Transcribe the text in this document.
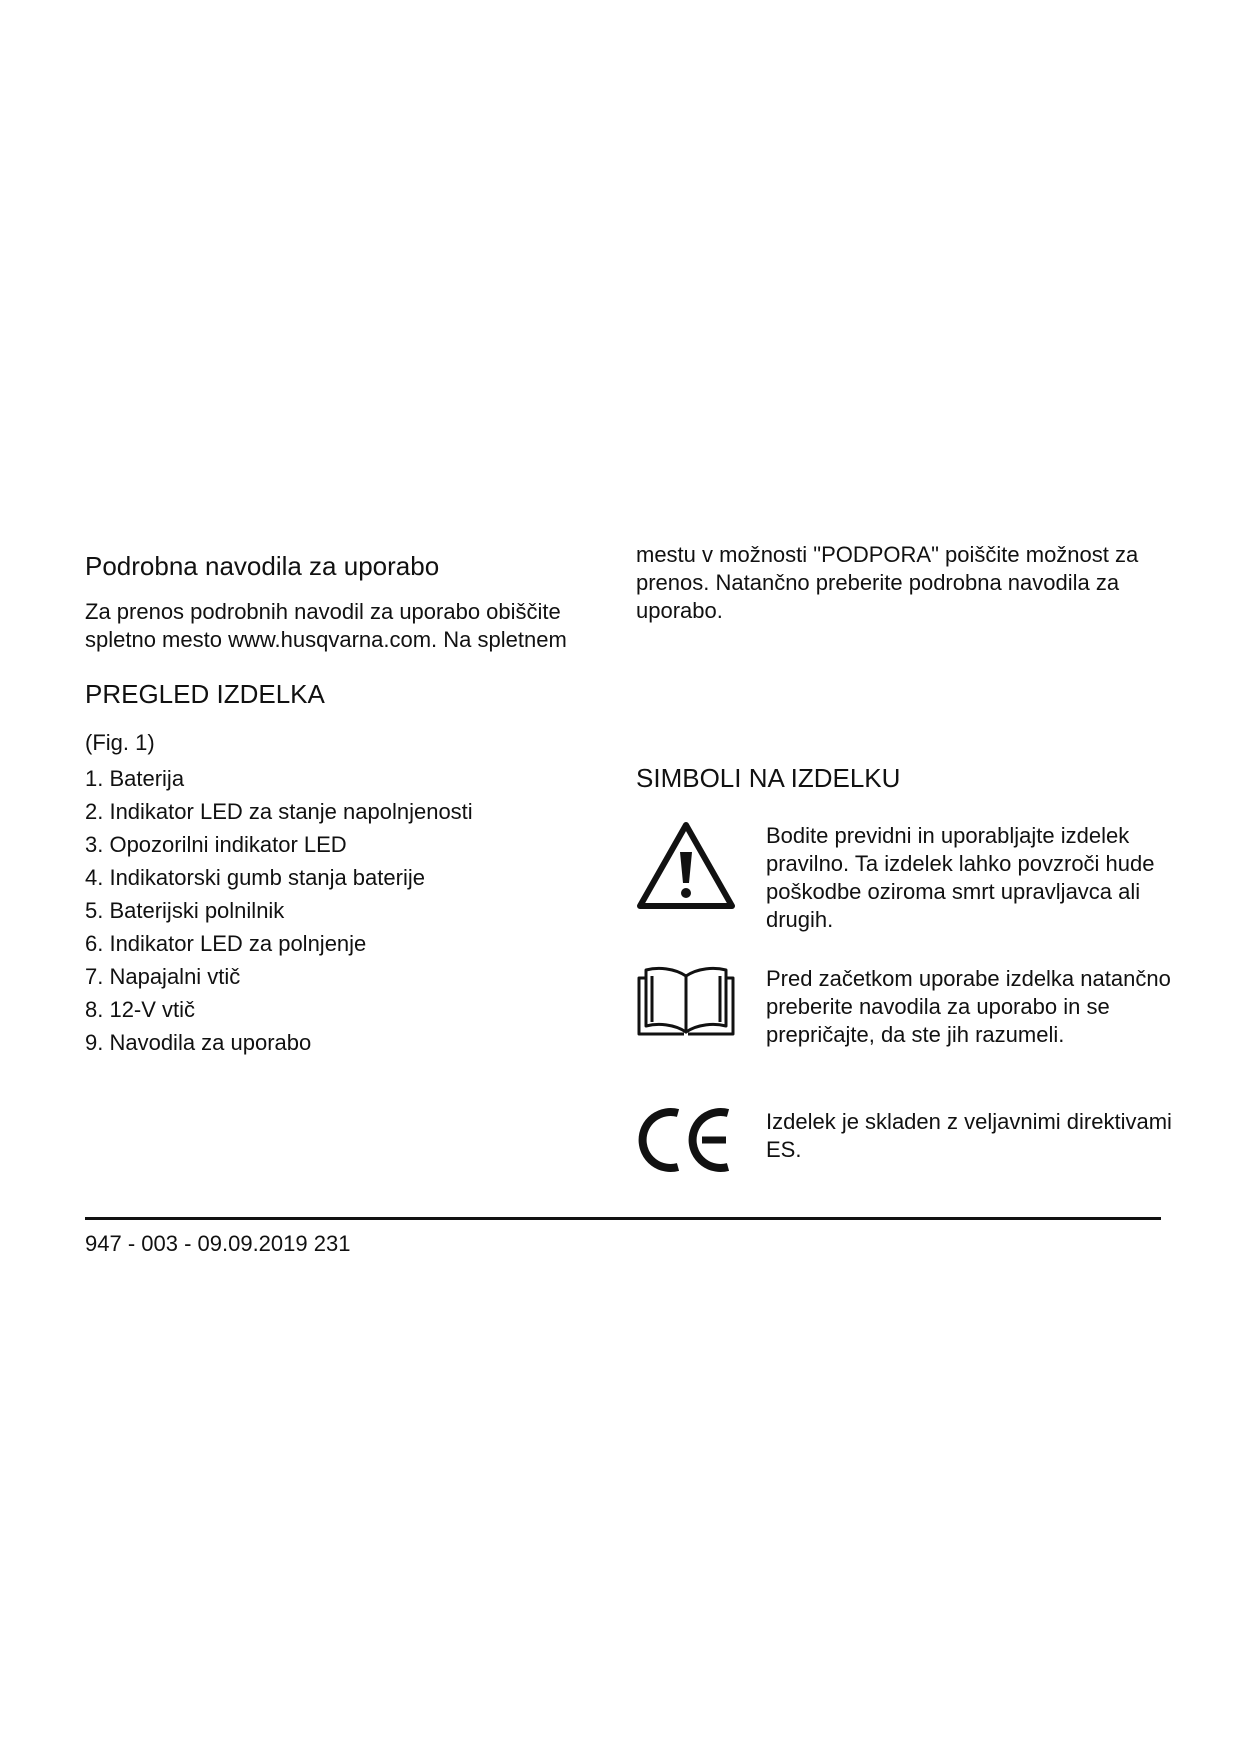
Podrobna navodila za uporabo

Za prenos podrobnih navodil za uporabo obiščite spletno mesto www.husqvarna.com. Na spletnem

PREGLED IZDELKA

(Fig. 1)

1. Baterija
2. Indikator LED za stanje napolnjenosti
3. Opozorilni indikator LED
4. Indikatorski gumb stanja baterije
5. Baterijski polnilnik
6. Indikator LED za polnjenje
7. Napajalni vtič
8. 12-V vtič
9. Navodila za uporabo

mestu v možnosti "PODPORA" poiščite možnost za prenos. Natančno preberite podrobna navodila za uporabo.

SIMBOLI NA IZDELKU
Bodite previdni in uporabljajte izdelek pravilno. Ta izdelek lahko povzroči hude poškodbe oziroma smrt upravljavca ali drugih.
Pred začetkom uporabe izdelka natančno preberite navodila za uporabo in se prepričajte, da ste jih razumeli.
Izdelek je skladen z veljavnimi direktivami ES.
947 - 003 - 09.09.2019 231
